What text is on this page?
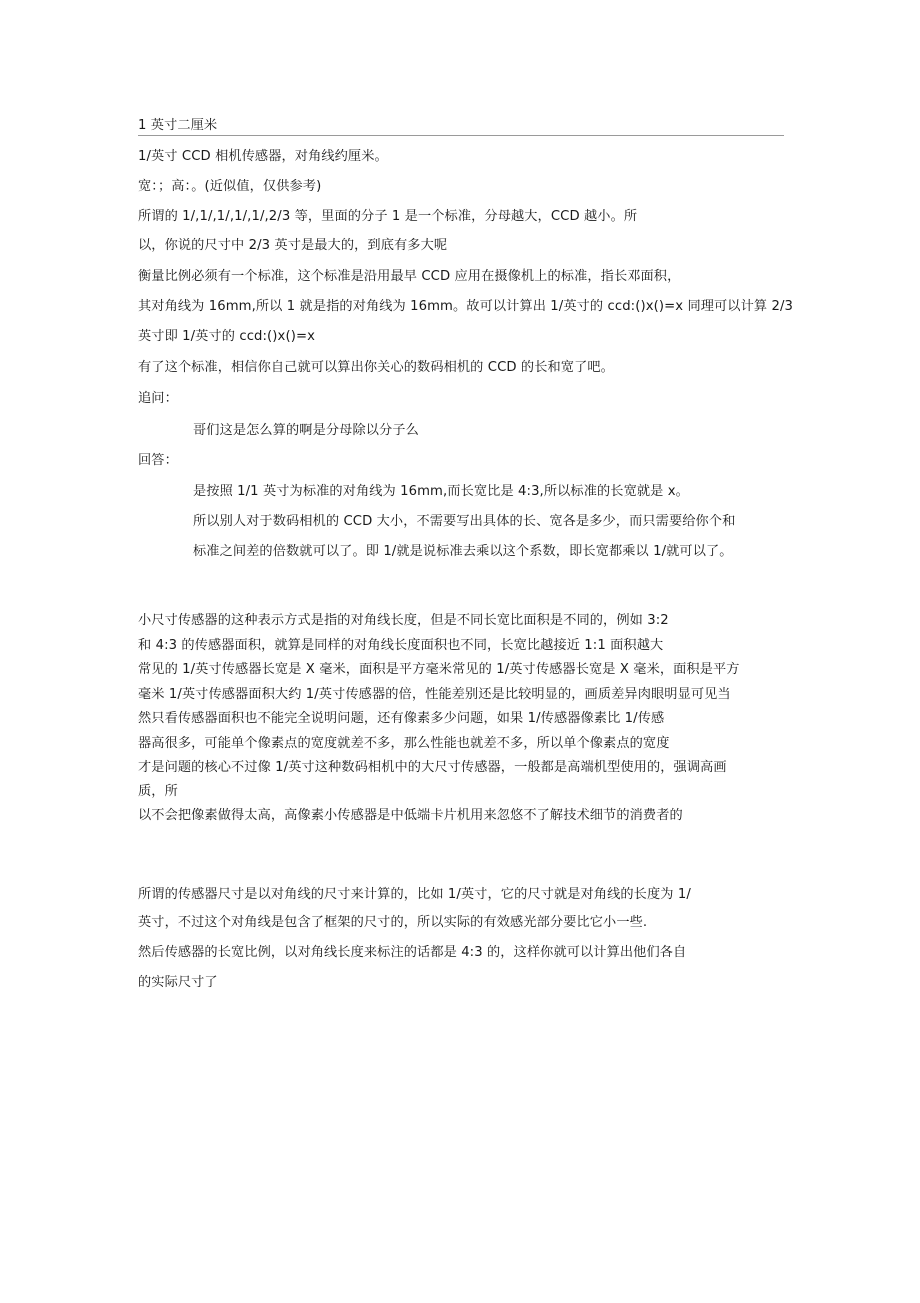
1 英寸二厘米
1/英寸 CCD 相机传感器，对角线约厘米。
宽：；高：。(近似值，仅供参考)
所谓的 1/,1/,1/,1/,1/,2/3 等，里面的分子 1 是一个标准，分母越大，CCD 越小。所
以，你说的尺寸中 2/3 英寸是最大的，到底有多大呢
衡量比例必须有一个标准，这个标准是沿用最早 CCD 应用在摄像机上的标准，指长邓面积，
其对角线为 16mm,所以 1 就是指的对角线为 16mm。故可以计算出 1/英寸的 ccd:()x()=x 同理可以计算 2/3
英寸即 1/英寸的 ccd:()x()=x
有了这个标准，相信你自己就可以算出你关心的数码相机的 CCD 的长和宽了吧。
追问：
哥们这是怎么算的啊是分母除以分子么
回答：
是按照 1/1 英寸为标准的对角线为 16mm,而长宽比是 4:3,所以标准的长宽就是 x。
所以别人对于数码相机的 CCD 大小，不需要写出具体的长、宽各是多少，而只需要给你个和
标准之间差的倍数就可以了。即 1/就是说标准去乘以这个系数，即长宽都乘以 1/就可以了。
小尺寸传感器的这种表示方式是指的对角线长度，但是不同长宽比面积是不同的，例如 3:2
和 4:3 的传感器面积，就算是同样的对角线长度面积也不同，长宽比越接近 1:1 面积越大
常见的 1/英寸传感器长宽是 X 毫米，面积是平方毫米常见的 1/英寸传感器长宽是 X 毫米，面积是平方
毫米 1/英寸传感器面积大约 1/英寸传感器的倍，性能差别还是比较明显的，画质差异肉眼明显可见当
然只看传感器面积也不能完全说明问题，还有像素多少问题，如果 1/传感器像素比 1/传感
器高很多，可能单个像素点的宽度就差不多，那么性能也就差不多，所以单个像素点的宽度
才是问题的核心不过像 1/英寸这种数码相机中的大尺寸传感器，一般都是高端机型使用的，强调高画
质，所
以不会把像素做得太高，高像素小传感器是中低端卡片机用来忽悠不了解技术细节的消费者的
所谓的传感器尺寸是以对角线的尺寸来计算的，比如 1/英寸，它的尺寸就是对角线的长度为 1/
英寸，不过这个对角线是包含了框架的尺寸的，所以实际的有效感光部分要比它小一些.
然后传感器的长宽比例，以对角线长度来标注的话都是 4:3 的，这样你就可以计算出他们各自
的实际尺寸了
